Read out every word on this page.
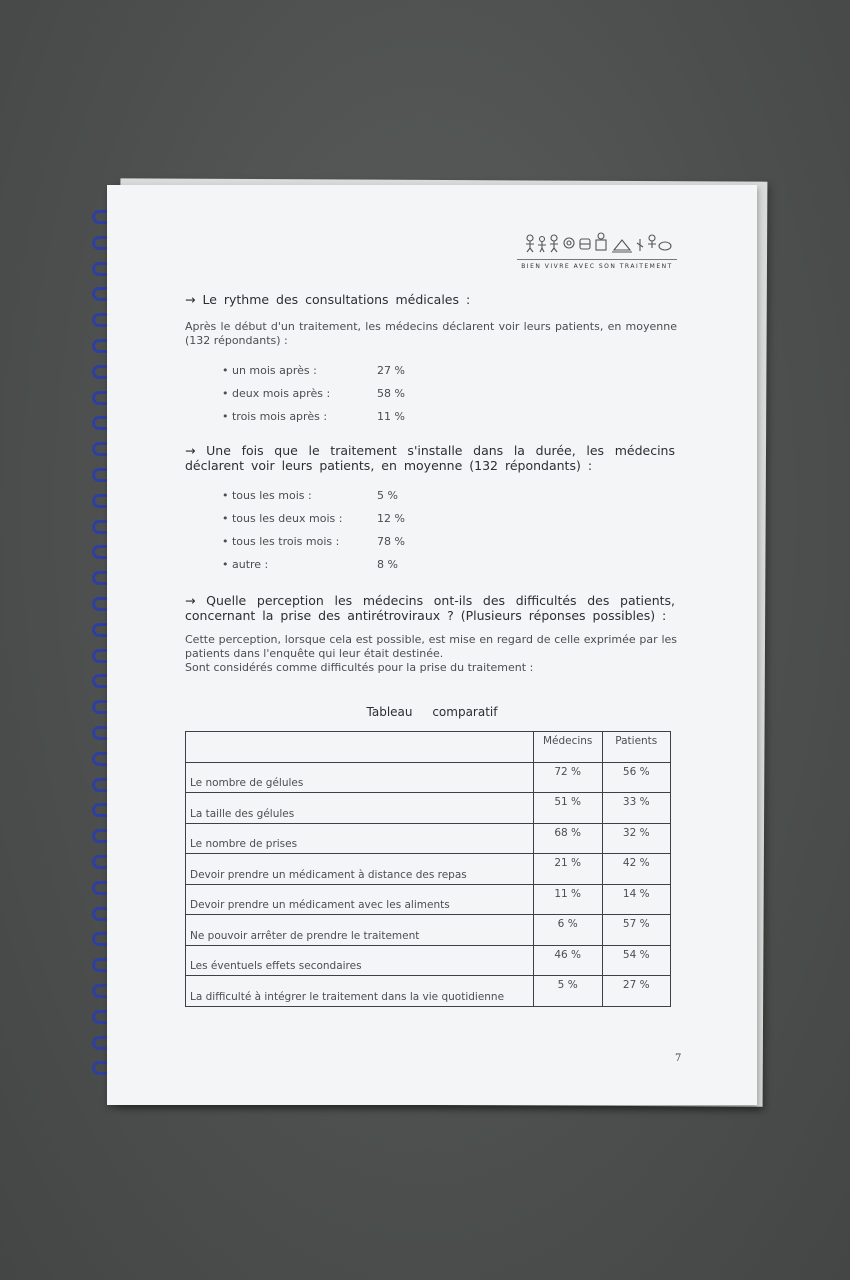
BIEN VIVRE AVEC SON TRAITEMENT
→ Le rythme des consultations médicales :
Après le début d'un traitement, les médecins déclarent voir leurs patients, en moyenne (132 répondants) :
• un mois après :	27 %
• deux mois après :	58 %
• trois mois après :	11 %
→ Une fois que le traitement s'installe dans la durée, les médecins déclarent voir leurs patients, en moyenne (132 répondants) :
• tous les mois :	5 %
• tous les deux mois :	12 %
• tous les trois mois :	78 %
• autre :	8 %
→ Quelle perception les médecins ont-ils des difficultés des patients, concernant la prise des antirétroviraux ? (Plusieurs réponses possibles) :
Cette perception, lorsque cela est possible, est mise en regard de celle exprimée par les patients dans l'enquête qui leur était destinée.
Sont considérés comme difficultés pour la prise du traitement :
Tableau comparatif
	Médecins	Patients
Le nombre de gélules	72 %	56 %
La taille des gélules	51 %	33 %
Le nombre de prises	68 %	32 %
Devoir prendre un médicament à distance des repas	21 %	42 %
Devoir prendre un médicament avec les aliments	11 %	14 %
Ne pouvoir arrêter de prendre le traitement	6 %	57 %
Les éventuels effets secondaires	46 %	54 %
La difficulté à intégrer le traitement dans la vie quotidienne	5 %	27 %
7
